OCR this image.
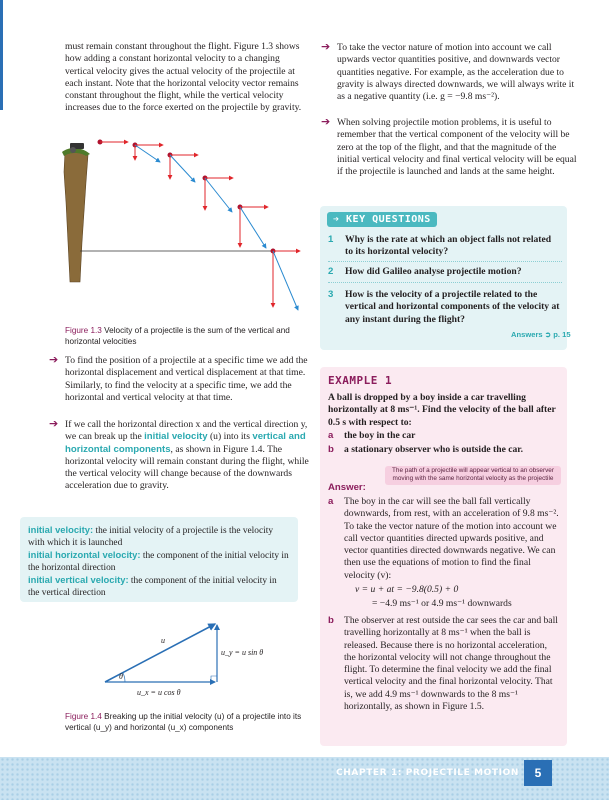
must remain constant throughout the flight. Figure 1.3 shows how adding a constant horizontal velocity to a changing vertical velocity gives the actual velocity of the projectile at each instant. Note that the horizontal velocity vector remains constant throughout the flight, while the vertical velocity increases due to the force exerted on the projectile by gravity.
Figure 1.3 Velocity of a projectile is the sum of the vertical and horizontal velocities
➔ To find the position of a projectile at a specific time we add the horizontal displacement and vertical displacement at that time. Similarly, to find the velocity at a specific time, we add the horizontal and vertical velocity at that time.
➔ If we call the horizontal direction x and the vertical direction y, we can break up the initial velocity (u) into its vertical and horizontal components, as shown in Figure 1.4. The horizontal velocity will remain constant during the flight, while the vertical velocity will change because of the downwards acceleration due to gravity.
initial velocity: the initial velocity of a projectile is the velocity with which it is launched
initial horizontal velocity: the component of the initial velocity in the horizontal direction
initial vertical velocity: the component of the initial velocity in the vertical direction
u
u_y = u sin θ
u_x = u cos θ
θ
Figure 1.4 Breaking up the initial velocity (u) of a projectile into its vertical (u_y) and horizontal (u_x) components
➔ To take the vector nature of motion into account we call upwards vector quantities positive, and downwards vector quantities negative. For example, as the acceleration due to gravity is always directed downwards, we will always write it as a negative quantity (i.e. g = −9.8 ms⁻²).
➔ When solving projectile motion problems, it is useful to remember that the vertical component of the velocity will be zero at the top of the flight, and that the magnitude of the initial vertical velocity and final vertical velocity will be equal if the projectile is launched and lands at the same height.
➔ KEY QUESTIONS
1	Why is the rate at which an object falls not related to its horizontal velocity?
2	How did Galileo analyse projectile motion?
3	How is the velocity of a projectile related to the vertical and horizontal components of the velocity at any instant during the flight?
Answers ➲ p. 15
EXAMPLE 1
A ball is dropped by a boy inside a car travelling horizontally at 8 ms⁻¹. Find the velocity of the ball after 0.5 s with respect to:
a	the boy in the car
b	a stationary observer who is outside the car.
The path of a projectile will appear vertical to an observer moving with the same horizontal velocity as the projectile
Answer:
a	The boy in the car will see the ball fall vertically downwards, from rest, with an acceleration of 9.8 ms⁻². To take the vector nature of the motion into account we call vector quantities directed upwards positive, and vector quantities directed downwards negative. We can then use the equations of motion to find the final velocity (v):
v = u + at = −9.8(0.5) + 0
= −4.9 ms⁻¹ or 4.9 ms⁻¹ downwards
b	The observer at rest outside the car sees the car and ball travelling horizontally at 8 ms⁻¹ when the ball is released. Because there is no horizontal acceleration, the horizontal velocity will not change throughout the flight. To determine the final velocity we add the final vertical velocity and the final horizontal velocity. That is, we add 4.9 ms⁻¹ downwards to the 8 ms⁻¹ horizontally, as shown in Figure 1.5.
CHAPTER 1: PROJECTILE MOTION	5
